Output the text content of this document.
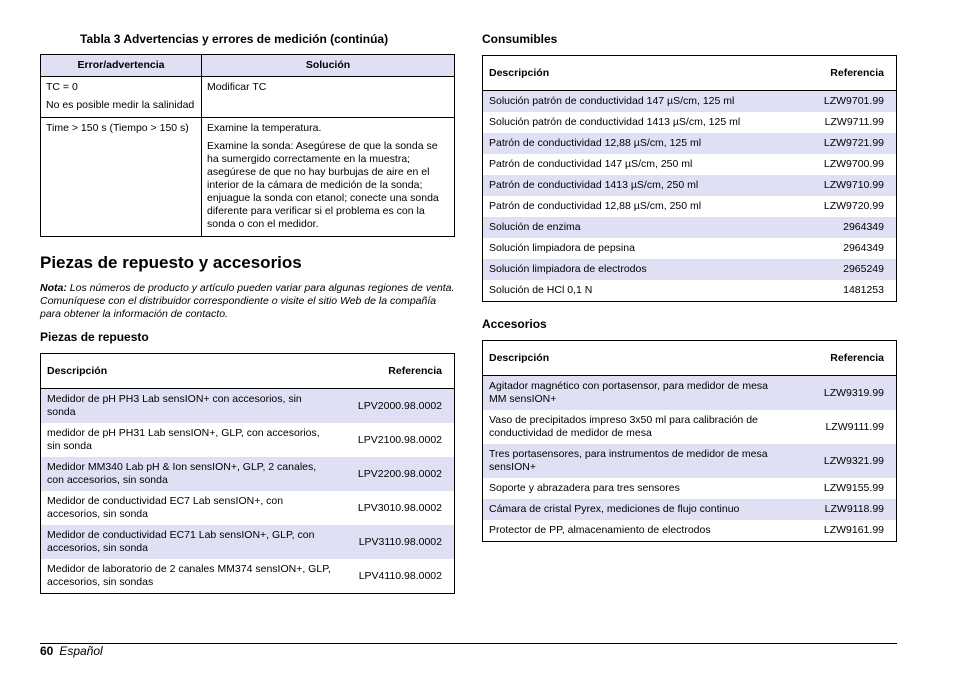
Tabla 3 Advertencias y errores de medición (continúa)
Error/advertencia	Solución

TC = 0

No es posible medir la salinidad	Modificar TC

Time > 150 s (Tiempo > 150 s)	Examine la temperatura.

Examine la sonda: Asegúrese de que la sonda se ha sumergido correctamente en la muestra; asegúrese de que no hay burbujas de aire en el interior de la cámara de medición de la sonda; enjuague la sonda con etanol; conecte una sonda diferente para verificar si el problema es con la sonda o con el medidor.

Piezas de repuesto y accesorios

Nota: Los números de producto y artículo pueden variar para algunas regiones de venta. Comuníquese con el distribuidor correspondiente o visite el sitio Web de la compañía para obtener la información de contacto.

Piezas de repuesto
Descripción	Referencia
Medidor de pH PH3 Lab sensION+ con accesorios, sin sonda	LPV2000.98.0002
medidor de pH PH31 Lab sensION+, GLP, con accesorios, sin sonda	LPV2100.98.0002
Medidor MM340 Lab pH & Ion sensION+, GLP, 2 canales, con accesorios, sin sonda	LPV2200.98.0002
Medidor de conductividad EC7 Lab sensION+, con accesorios, sin sonda	LPV3010.98.0002
Medidor de conductividad EC71 Lab sensION+, GLP, con accesorios, sin sonda	LPV3110.98.0002
Medidor de laboratorio de 2 canales MM374 sensION+, GLP, accesorios, sin sondas	LPV4110.98.0002
Consumibles
Descripción	Referencia
Solución patrón de conductividad 147 µS/cm, 125 ml	LZW9701.99
Solución patrón de conductividad 1413 µS/cm, 125 ml	LZW9711.99
Patrón de conductividad 12,88 µS/cm, 125 ml	LZW9721.99
Patrón de conductividad 147 µS/cm, 250 ml	LZW9700.99
Patrón de conductividad 1413 µS/cm, 250 ml	LZW9710.99
Patrón de conductividad 12,88 µS/cm, 250 ml	LZW9720.99
Solución de enzima	2964349
Solución limpiadora de pepsina	2964349
Solución limpiadora de electrodos	2965249
Solución de HCl 0,1 N	1481253
Accesorios
Descripción	Referencia
Agitador magnético con portasensor, para medidor de mesa MM sensION+	LZW9319.99
Vaso de precipitados impreso 3x50 ml para calibración de conductividad de medidor de mesa	LZW9111.99
Tres portasensores, para instrumentos de medidor de mesa sensION+	LZW9321.99
Soporte y abrazadera para tres sensores	LZW9155.99
Cámara de cristal Pyrex, mediciones de flujo continuo	LZW9118.99
Protector de PP, almacenamiento de electrodos	LZW9161.99
60 Español
